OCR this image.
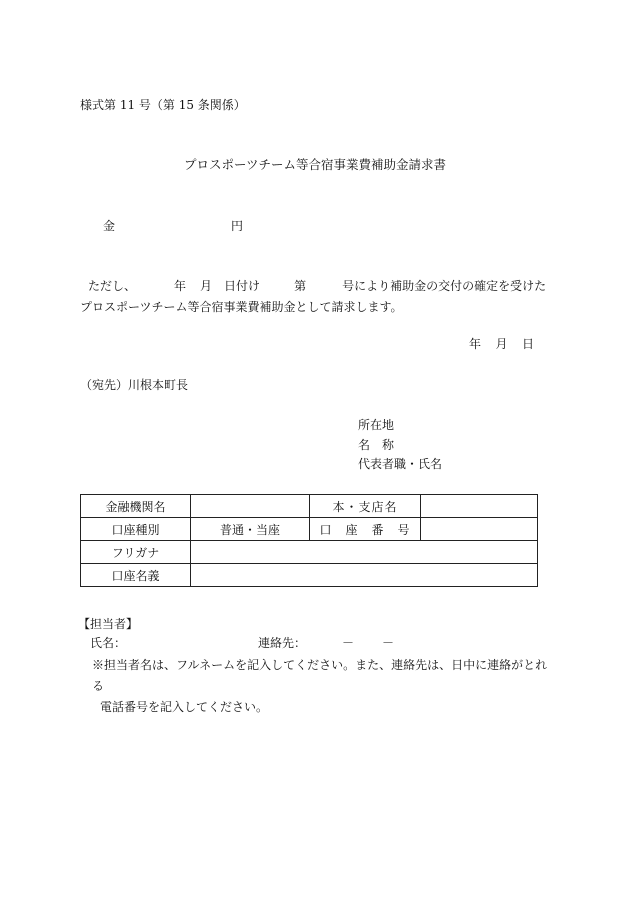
様式第 11 号（第 15 条関係）
プロスポーツチーム等合宿事業費補助金請求書
金	円
ただし、	年 月 日付け	第	号により補助金の交付の確定を受けたプロスポーツチーム等合宿事業費補助金として請求します。
年 月 日
（宛先）川根本町長
所在地
名　称
代表者職・氏名
金融機関名		本・支店名	
口座種別	普通・当座	口　座　番　号	
フリガナ			
口座名義			
【担当者】
氏名：	連絡先：	－ －
※担当者名は、フルネームを記入してください。また、連絡先は、日中に連絡がとれる
電話番号を記入してください。
